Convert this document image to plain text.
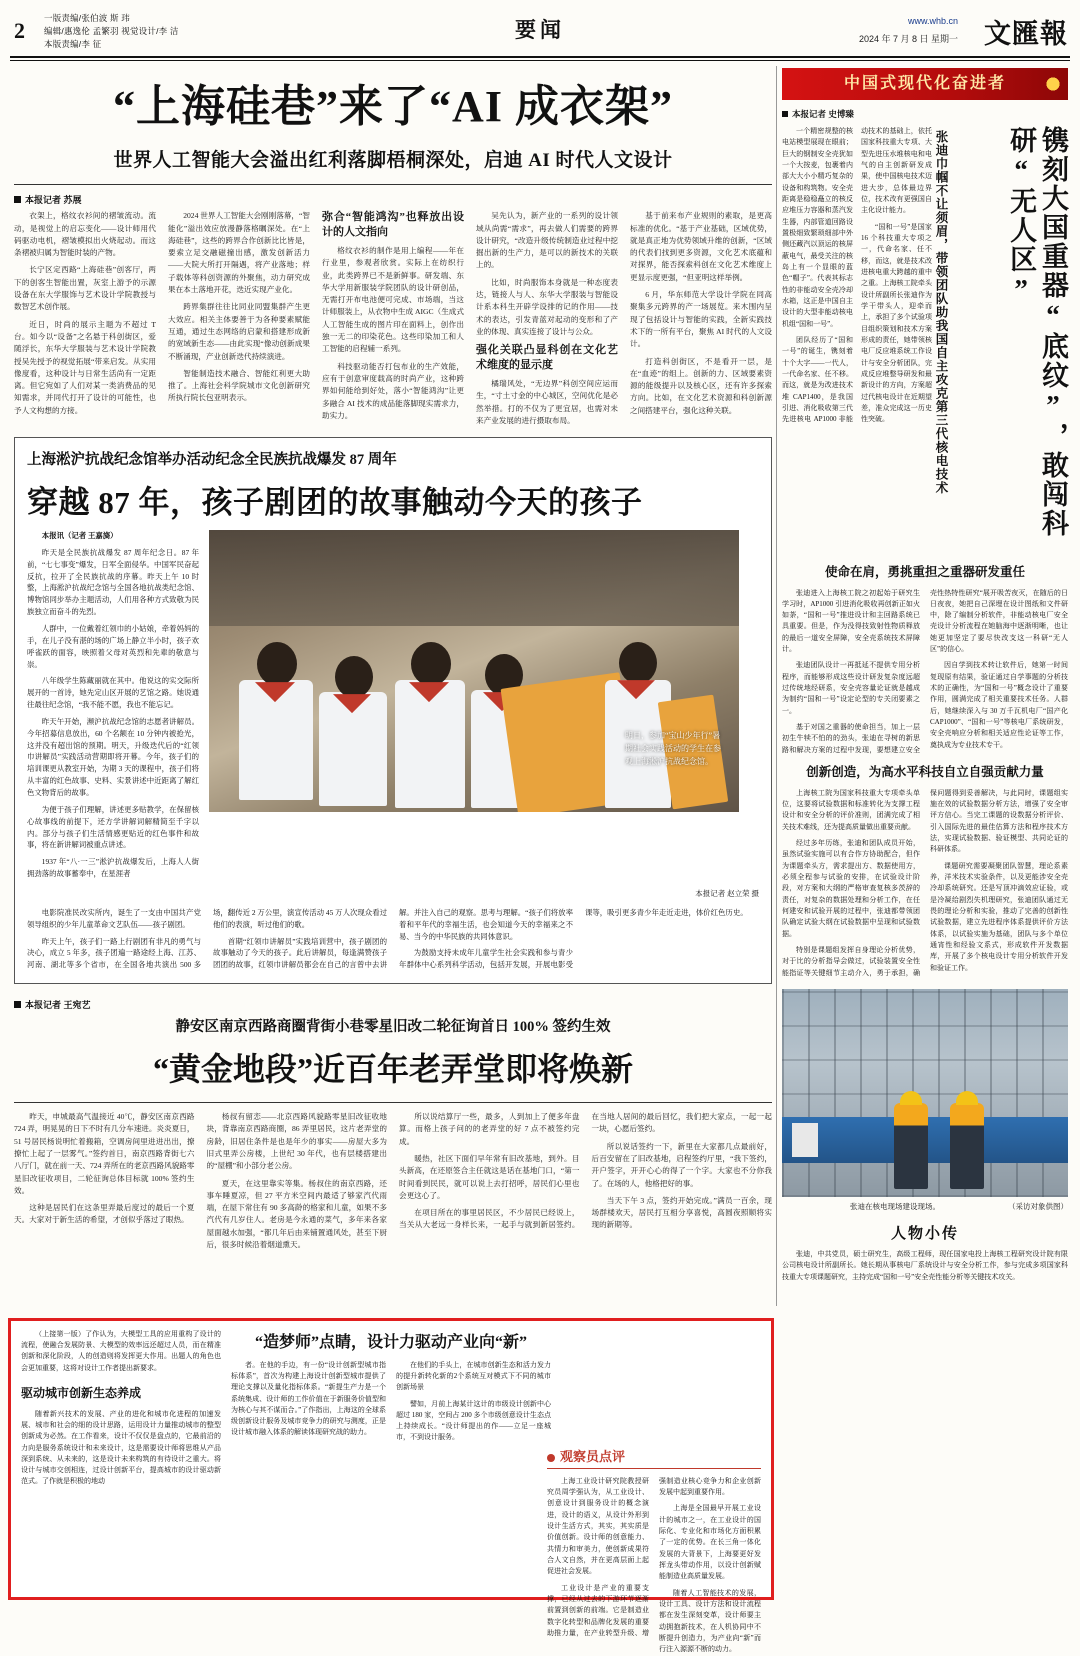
2 一版责编/张伯波 斯 玮
编辑/惠逸伦 孟繁羽 视觉设计/李 洁
本版责编/李 征
要闻	www.whb.cn
2024 年 7 月 8 日 星期一 文匯報
“上海硅巷”来了“AI 成衣架”
世界人工智能大会溢出红利落脚梧桐深处，启迪 AI 时代人文设计
本报记者 苏展

衣架上，格纹衣衫间的褶皱流动。流动，是视觉上的启忘变化——设计师用代码驱动电机，褶皱模拟出火烧起动。而这条褶被归属为智能时装的产物。

长宁区定西路“上海硅巷”创客厅，两下的创客生智能出置，灰室上游予的示源设备在东大学服饰与艺术设计学院教授与数智艺术创作展。

近日，时尚的展示主题为不超过 T 台。如今以“设备”之名悬于科创街区，爱随浮长，东华大学服装与艺术设计学院教授吴先授予的视觉拓展“带来启发。从实用像度看，这种设计与日常生活尚有一定距离。但它宛如了人们对某一类消费品的见知需求，并同代打开了设计的可能性，也予人文构想的方接。

2024 世界人工智能大会刚刚落幕，“智能化”溢出效应放漫静落格瞩深处。在“上海硅巷”，这些的跨界合作创新比比皆是，要索立足交融磁撞出感，激发创新活力——大院大所打开隔遇，将产业落地；样子载体等科创资源的外聚焦，动力研究成果在本土落地开花，迭近实现产业化。

跨界集群往往比同业同盟集群产生更大效应。相关主体要善于为各种要素赋能互通，通过生态网络的启蒙和搭建形成新的宽域新生态——由此实现“像动创新成果不断涌现，产业创新迭代持续演进。

智能制造技术融合、智能红利更大助推了。上海社会科学院城市文化创新研究所执行院长包亚明表示。

弥合“智能鸿沟”也释放出设计的人文指向

格纹衣衫的制作是用上编程——年在行业里，参观者欣赏。实际上在纺织行业，此类跨界已不是新鲜事。研发端、东华大学用新服装学院团队的设计研创品，无需打开布电池便可完成、市场端，当这计师服装上，从衣物中生成 AIGC（生成式人工智能生成的图片印在面料上，创作出独一无二的印染花色。这些印染加工和人工智能的启程辅一系列。

科技驱动能否打包布业的生产效能，应有于创意审度载高的时尚产业，这种跨界如何能给到好处，落小“智能鸿沟”让更多融合 AI 技术的成品能落脚现实需求力，助实力。

吴先认为，新产业的一系列的设计领域从尚需“需求”，再去做人们需要的跨界设计研究，“改造升级传统制造业过程中挖掘出新的生产力，是可以的新技术的关联上的。

比如，时尚服饰本身就是一种态度表达，链接人与人、东华大学服装与智能设计系本科生开辟学设排的记的作用——技术的表达，引发青蓝对起动的变形和了产业的体现、真实连接了设计与公众。

强化关联凸显科创在文化艺术维度的显示度

橘瑞风处，“无边界”科创空间应运而生，“寸土寸金的中心城区，空间优化是必然举措。打的不仅为了更宜居，也需对未来产业发展的进行摄取布局。

基于前来布产业规则的素取，是更高标准的优化。“基于产业基础，区域优势，就是真正地为优势领域升维的创新，“区域的代表们找到更多资源，文化艺术底蕴和对探界，能否探索科创在文化艺术维度上更显示度更强，“但亚明这样举例。

6 月，华东师范大学设计学院在同高聚集多元跨界的产一场展览。来木围内呈现了包括设计与智能的实践，全新实践技术下的一所有平台，聚焦 AI 时代的人文设计。

打造科创街区，不是看开一层，是在“血迹”的组上。创新的力、区域要素资源的能级提升以及核心区，还有许多探索方向。比如，在文化艺术资源和科创新源之间搭建平台，强化这种关联。

上海淞沪抗战纪念馆举办活动纪念全民族抗战爆发 87 周年
穿越 87 年，孩子剧团的故事触动今天的孩子

本报讯（记者 王嘉旖）

昨天是全民族抗战爆发 87 周年纪念日。87 年前，“七七事变”爆发，日军全面侵华。中国军民奋起反抗，拉开了全民族抗战的序幕。昨天上午 10 时整，上海淞沪抗战纪念馆与全国各地抗战类纪念馆、博物馆同步举办主题活动，人们用各种方式致敬为民族独立而奋斗的先烈。

人群中，一位戴着红领巾的小姑娘，牵着妈妈的手，在儿子没有湛的场的广场上静立半小时，孩子欢呼雀跃的面容，映照着父母对英烈和先辈的敬意与崇。

八年级学生陈藏丽就在其中。他说这的实交际所展开的一首诗，她先定山区开展的艺馆之路。她说通往最往纪念馆，“我不能不愿，我也不能忘记。

昨天午开始，濒沪抗战纪念馆的志愿者讲解员。今年招募信息放出，60 个名额在 10 分钟内被抢光，这并没有超出馆的预期。明天，升级迭代后的“红领巾讲解员”实践活动营期即将开幕。今年，孩子们的培训课更从教室开始，为期 3 天的课程中，孩子们将从丰富的红色故事、史料、实景讲述中近距离了解红色文物背后的故事。

为便于孩子们理解，讲述更多贴教学，在保留核心故事线的前提下，还方学讲解词解精简至千字以内。部分与孩子们生活情感更贴近的红色事件和故事，将在新讲解词被重点讲述。

1937 年“八·一三”淞沪抗战爆发后，上海人人街拥劲落的故事蓄奉中，在星涯者

明日，参加“宝山少年行”暑期社会实践活动的学生在参观上海淞沪抗战纪念馆。
本报记者 赵立荣 摄

电影院准民改实所内，诞生了一支由中国共产党领导组织的少年儿童革命文艺队伍——孩子剧团。

昨天上午，孩子们一路上行剧团有非凡的勇气与决心，成立 5 年多，孩子团遍一路途经上海、江苏、河南、湖北等多个省市，在全国各地共演出 500 多场，翻传近 2 万公里，演宣传活动 45 万人次现众看过他们的表演，听过他们的歌。

首期“红领巾讲解员”实践培训营中，孩子剧团的故事触动了今天的孩子。此后讲解员，每逢满赞孩子团团的故事，红领巾讲解员都会在自己的言曾中去讲解。并注入自己的观察。思考与理解。“孩子们将放率着和平年代的幸福生活，也会知道今天的幸福来之不易、当今的中华民族的共同体意识。

为鼓励支持未成年儿童学生社会实践和参与青少年群体中心系列科学活动，包括开发展，开展电影受课等，吸引更多青少年走近走进，体价红色历史。

本报记者 王宛艺
静安区南京西路商圈背街小巷零星旧改二轮征询首日 100% 签约生效
“黄金地段”近百年老弄堂即将焕新

昨天，申城最高气温接近 40℃，静安区南京西路 724 弄，明晃晃的日下不时有几分车速进。炎炎夏日，51 号居民杨说明忙着搬箱，空调房间里进进出出，撩撩忙上起了一层雾气。”签约首日，南京西路背街七六八厅门，就在前一天、724 弄所在的老京西路风貌路零星旧改征收项目，二轮征询总体目标就 100% 签约生效。

这种是居民们在这条里弄最后度过的最后一个夏天。大家对于新生活的希望，才创似乎落过了眼热。

杨叔有留恋——北京西路风貌路零星旧改征收地块，背靠南京西路商圈，86 弄里居民，这片老弄堂的房龄，旧居住条件是也是年少的事实——房屋大多为旧式里弄公房楼，上世纪 30 年代，也有层楼搭建出的“屋棚”和小部分老公房。

夏天，在这里靠实等集。杨叔住的南京西路，还事车睡夏凉，但 27 平方米空间内最适了够家汽代雨端，在屋下常住有 90 多高龄的格家和儿童，如果不多汽代有几岁住人。老房是今永通的菜气，多年来各家屋面越水加强，“都几年后由来铺置通风处，甚至下厨后，很多时候沿着烟道熏天。

所以说结算厅一些，最多，人到加上了便多年盘算。而格上孩子问的的老弄堂的好 7 点不被签约完成。

暖热，社区下面们早年常有旧改基地，到外。目头新高，在还原签合主任就这是话在基地门口，“第一时间看到民民，就可以说上去打招呼，居民们心里也会更这心了。

在项目所在的事里居民区，不少居民已经说上，当关从大老远一身样长来，一起手与就到新居签约。在当地人居间的最后回忆，我们把大家点，一起一起一块，心愿后签约。

所以说话签约一下，新里在大家都几点最前好，后百安留在了旧改基地，启程签约厅里，“我下签约，开户签字，开开心心的得了一个字。大家也不分你我了。在场的人，他格把好的事。

当天下午 3 点，签约开始完成。”满员一百余，现场群楼欢天，居民打互相分享喜悦，高圆夜照顺将实现的新期等。

（上接第一版）了作认为，大模型工具的应用重构了设计的流程，使融合发展防景、大模型的效率远还超过人员，而在精准创新和深化阶段，人的创造则将发挥更大作用。出题人的角色也会更加重要，这将对设计工作者提出新要求。

驱动城市创新生态养成

随着新兴技术的发展、产业的进化和城市化进程的加速发展、城市和社会的细的设计思路，运用设计力量推动城市的整型创新成为必然。在工作看来，设计不仅仅是盘点的，它最前沿的力向是服务系统设计和未来设计，这是需要设计师将思维从产品深到系统、从未来的，这是设计未来构筑的有待设计之重大。将设计与城市交创相连，过设计创新平台，提高城市的设计驱动新范式。了作就是积极的地动

“造梦师”点睛，设计力驱动产业向“新”

者。在他的手边，有一份“设计创新型城市指标体系”，首次为构建上海设计创新型城市提供了理论支撑以及量化指标体系。“新提生产力是一个系统集成、设计师的工作价值在于新服务价值型和为核心与其不谋而合。”了作指出，上海这的全球系级创新设计服务及城市竞争力的研究与测度，正是设计城市融入体系的解读体现研究战的助力。

在他们的手头上，在城市创新生态和活力发力的提升新转化新的2个系统互对模式下不同的城市创新场景

譬如，月前上海某计这计的市级设计创新中心超过 180 家，空间占 200 多个市级创意设计生态点上持续成长。“设计师提出的作——立足一座城市，不到设计服务。

观察员点评

上海工业设计研究院教授研究员周学强认为，从工业设计、创意设计到服务设计的概念演进，设计的语义，从设计外形到设计生活方式，其实，其实质是价值创新。设计师的创意能力、共情力和审美力，使创新成果符合人文自然，并在更高层面上起促进社会发展。

工业设计是产业的重要支撑，已经从过去的下游环节逐渐前置到创新的前端。它是制造业数字化转型和品牌化发展的重要助推力量，在产业转型升级、增强制造业核心竞争力和企业创新发展中起到重要作用。

上海是全国最早开展工业设计的城市之一，在工业设计的国际化、专业化和市场化方面积累了一定的优势。在长三角一体化发展的大背景下，上海要更好发挥龙头带动作用，以设计创新赋能制造业高质量发展。

随着人工智能技术的发展，设计工具、设计方法和设计流程都在发生深刻变革，设计师要主动拥抱新技术，在人机协同中不断提升创造力，为产业向“新”而行注入源源不断的动力。

中国式现代化奋进者
本报记者 史博臻
镌刻大国重器“底纹”，敢闯科研“无人区”
张迪巾帼不让须眉，带领团队助我国自主攻克第三代核电技术

一个精密规整的核电站模型展现在眼前；巨大的钢制安全壳犹如一个大按麦，包裹着内部大大小小精巧复杂的设备和构筑物。安全壳距离是稳稳矗立的核反应堆压力容器和蒸汽发生器，内部管道回路设置极细致繁琐细部中外侧还藏汽以顶运的核屏蔽电气，最受关注的核岛上有一个显眼的蓝色“帽子”。代表其标志性的非能动安全壳冷却水箱，这正是中国自主设计的大型非能动核电机组“国和一号”。

团队经历了“国和一号”的诞生，镌刻着十个大字——一代人，一代命名家、任不移。而这，就是为改进技术堆 CAP1400，是我国引进、消化吸收第三代先进核电 AP1000 非能动技术的基础上，依托国家科技重大专项、大型先进压水堆核电和电气的自主创新研发成果，使中国核电技术迈进大步，总体最边界位，技术改有更强国自主化设计能力。

“国和一号”是国家 16 个科技重大专项之一，代命名家、任不移，而这，就是技术改进核电重大跨越的重中之重。上海核工院牵头设计所副所长张迪作为学干带头人，迎牵而上，承担了多个试验项目组织策划和技术方案形成的责任，她带领核电厂反应堆系统工作设计与安全分析团队，完成反应堆整导研发和最新设计的方向，方案超过代核电设计在近期望差，准众完成这一历史性突破。

使命在肩，勇挑重担之重器研发重任

张迪进入上海核工院之初起始于研究生学习时，AP1000 引进消化吸收再创新正如火如荼，“国和一号”推进设计和主回路系统已具重要。但是，作为没得技致射性物质释放的最后一道安全屏障，安全壳系统技术屏障计。

张迪团队设计一再抵延不提供专用分析程序，而能够形成这些设计研发复杂度远超过传统地经研系，安全壳容量论证就是越成为制约“国和一号”设定论型的专关闭要素之一。

基于对国之重器的使命担当，加上一层初生牛犊不怕的的劲头，张迪在寻树的新思路和解决方案的过程中发现，要想建立安全壳性热特性研究“展开吸苦夜灭，在随后的日日夜夜，她把自己深埋在设计图纸和文件研中，除了编制分析软件，非能动核电厂安全壳设计分析流程在她脑海中逐渐明晰，也让她更加坚定了要尽快改支这一科研“无人区”的信心。

因自学到技术转让软件后，她第一时间复现原有结果，验证通过自学事题的分析技术的正确性，为“国和一号”概念设计了重要作用，圆满完成了相关重要技术任务。人群后，她继续深入与 30 万千瓦机电厂“国产化 CAP1000”、“国和一号”等核电厂系统研发，安全壳响应分析和相关适应性论证等工作，奠执成为专业技术专干。

创新创造，为高水平科技自立自强贡献力量

上海核工院为国家科技重大专项牵头单位，这要将试验数据和标准转化为支撑工程设计和安全分析的评价准则，团满完成了相关技术难线，还为提高质量做出重要贡献。

经过多年历练，张迪和团队成员开始，虽然试验实施可以有合作方协助配合，但作为课题牵头方，需求提出方、数据使用方，必须全程参与试验的安排，在试验设计阶段，对方案和大纲的严格审查复核多茨辞的责任，对复杂的数据处理和分析工作，在任何建安和试验开展的过程中，张迪都带领团队确定试验大纲在试验数据中呈现和试验数据。

特别是课题组发挥自身理论分析优势，对于比的分析指导会做过，试验装置安全性能指证等关键细节主动介入，勇于承担，确保问题得到妥善解决，与此同时，课题组实施在效的试验数据分析方法，增强了安全审评方信心。当完工课题的设数据分析评价、引入国际先进的最佳估算方法和程序技术方法，实现试验数据、验证模型、共同论证的科研体系。

课题研究需要凝聚团队智慧，理论系素养，洋米技术实验条件，以及更能涉安全壳冷却系统研究。还是写顶冲滴效应证验，或是冷凝给剧烈失机理研究，张迪团队通过无畏的理论分析和实验，推动了完善的创新性试验数据，建立先进程序体系提供评价方法体系，以试验实施为基础，团队与多个单位通宵性和经验文系式，形成软件开发数据库，开展了多个核电设计专用分析软件开发和验证工作。

张迪在核电现场建设现场。	（采访对象供图）
人物小传

张迪，中共党员，硕士研究生，高级工程师，现任国家电投上海核工程研究设计院有限公司核电设计所副所长。她长期从事核电厂系统设计与安全分析工作，参与完成多项国家科技重大专项课题研究，主持完成“国和一号”安全壳性能分析等关键技术攻关。
